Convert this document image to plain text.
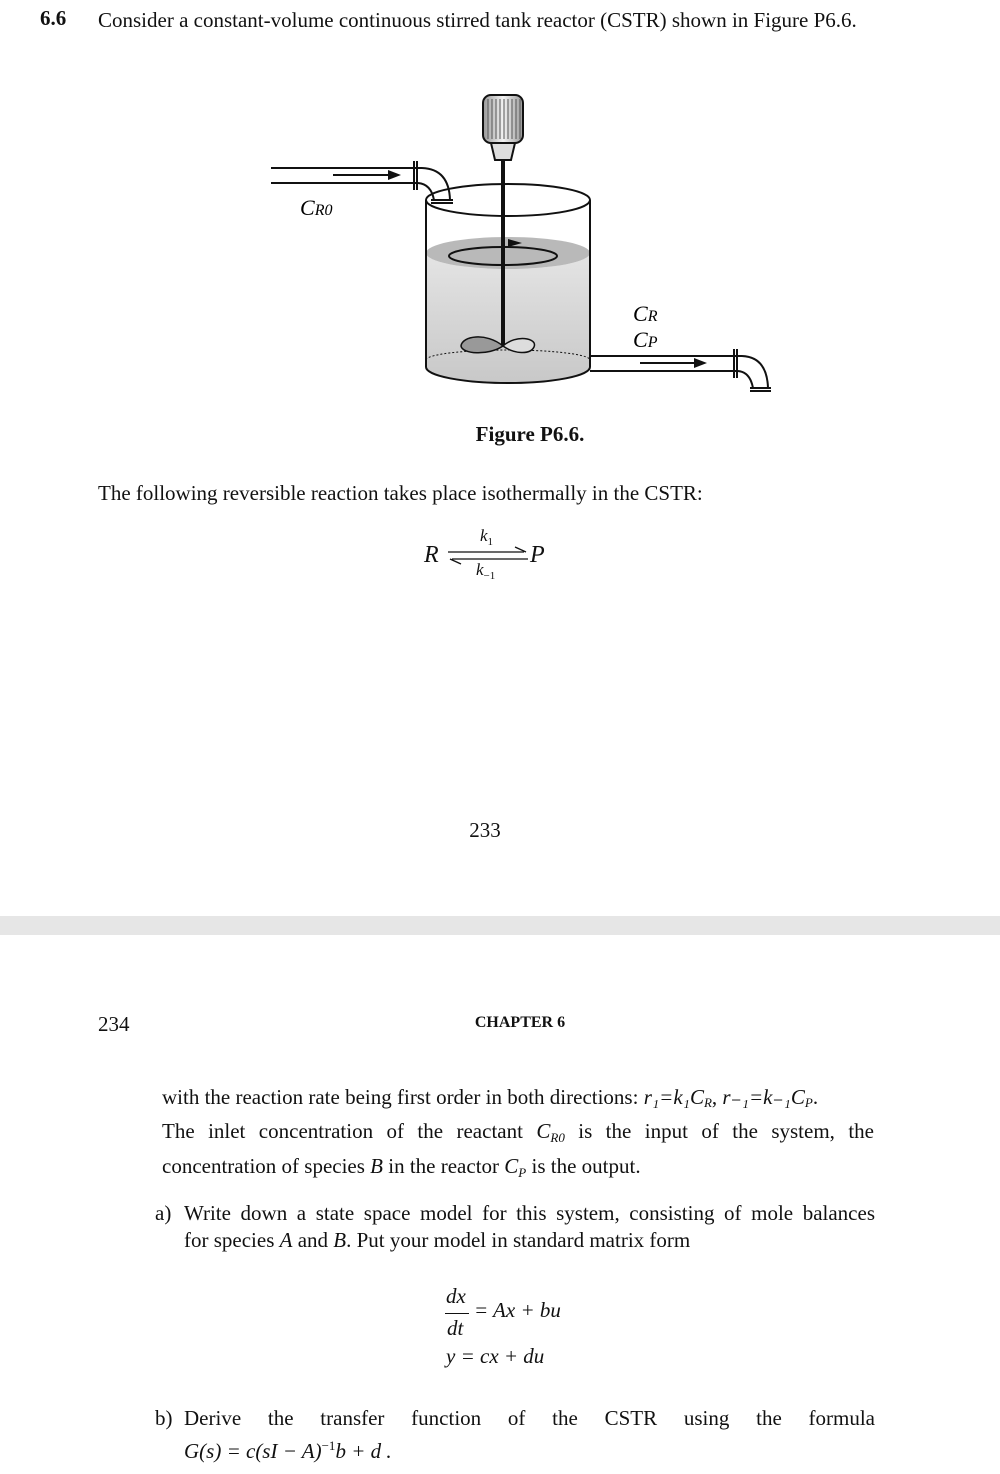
6.6 Consider a constant-volume continuous stirred tank reactor (CSTR) shown in Figure P6.6.
CR0
CR
CP
Figure P6.6.
The following reversible reaction takes place isothermally in the CSTR:
R
$k_1$
$k_{-1}$
P
233
234	CHAPTER 6
with the reaction rate being first order in both directions: r₁=k₁CR, r₋₁=k₋₁CP.
The inlet concentration of the reactant $C_{R0}$ is the input of the system, the
concentration of species B in the reactor $C_P$ is the output.
a) Write down a state space model for this system, consisting of mole balances
for species A and B. Put your model in standard matrix form
dx
dt
= Ax + bu
y = cx + du
b) Derive the transfer function of the CSTR using the formula
G(s) = c(sI − A)$^{-1}$b + d .
